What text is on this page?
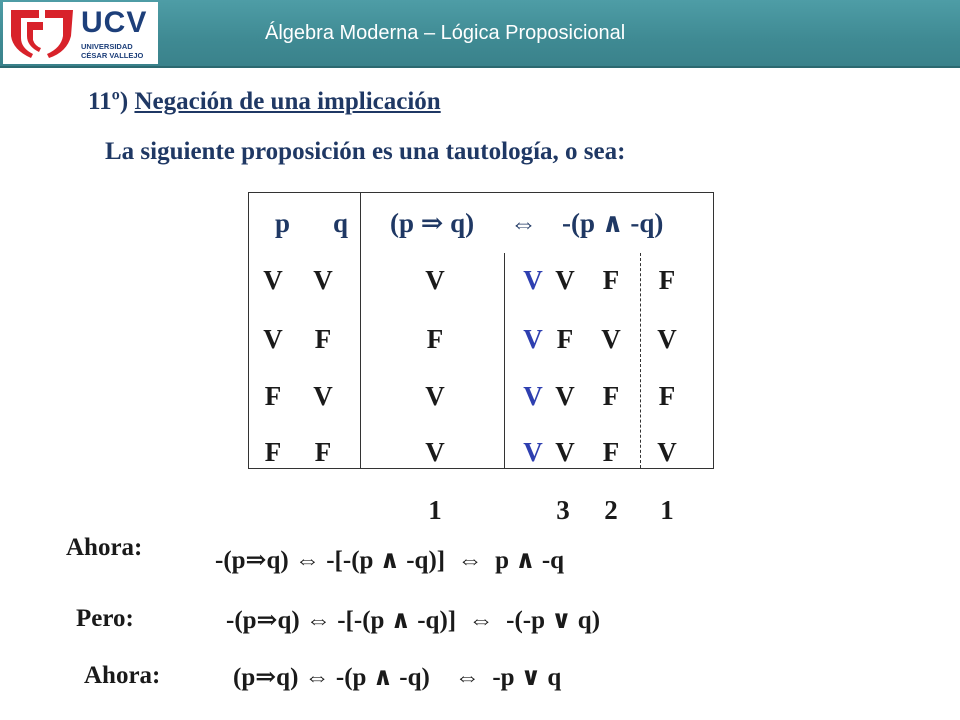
UCV
UNIVERSIDAD
CÉSAR VALLEJO
Álgebra Moderna – Lógica Proposicional
11º) Negación de una implicación
La siguiente proposición es una tautología, o sea:
p q (p ⇒ q) ⇔ -(p ∧ -q)
V V	V	V V F F
V F	F	V F V V
F V	V	V V F F
F F	V	V V F V
1	3	2	1
Ahora:	-(p⇒q) ⇔ -[-(p ∧ -q)]  ⇔  p ∧ -q
Pero:	-(p⇒q) ⇔ -[-(p ∧ -q)]  ⇔  -(-p ∨ q)
Ahora:	(p⇒q) ⇔ -(p ∧ -q)    ⇔  -p ∨ q
